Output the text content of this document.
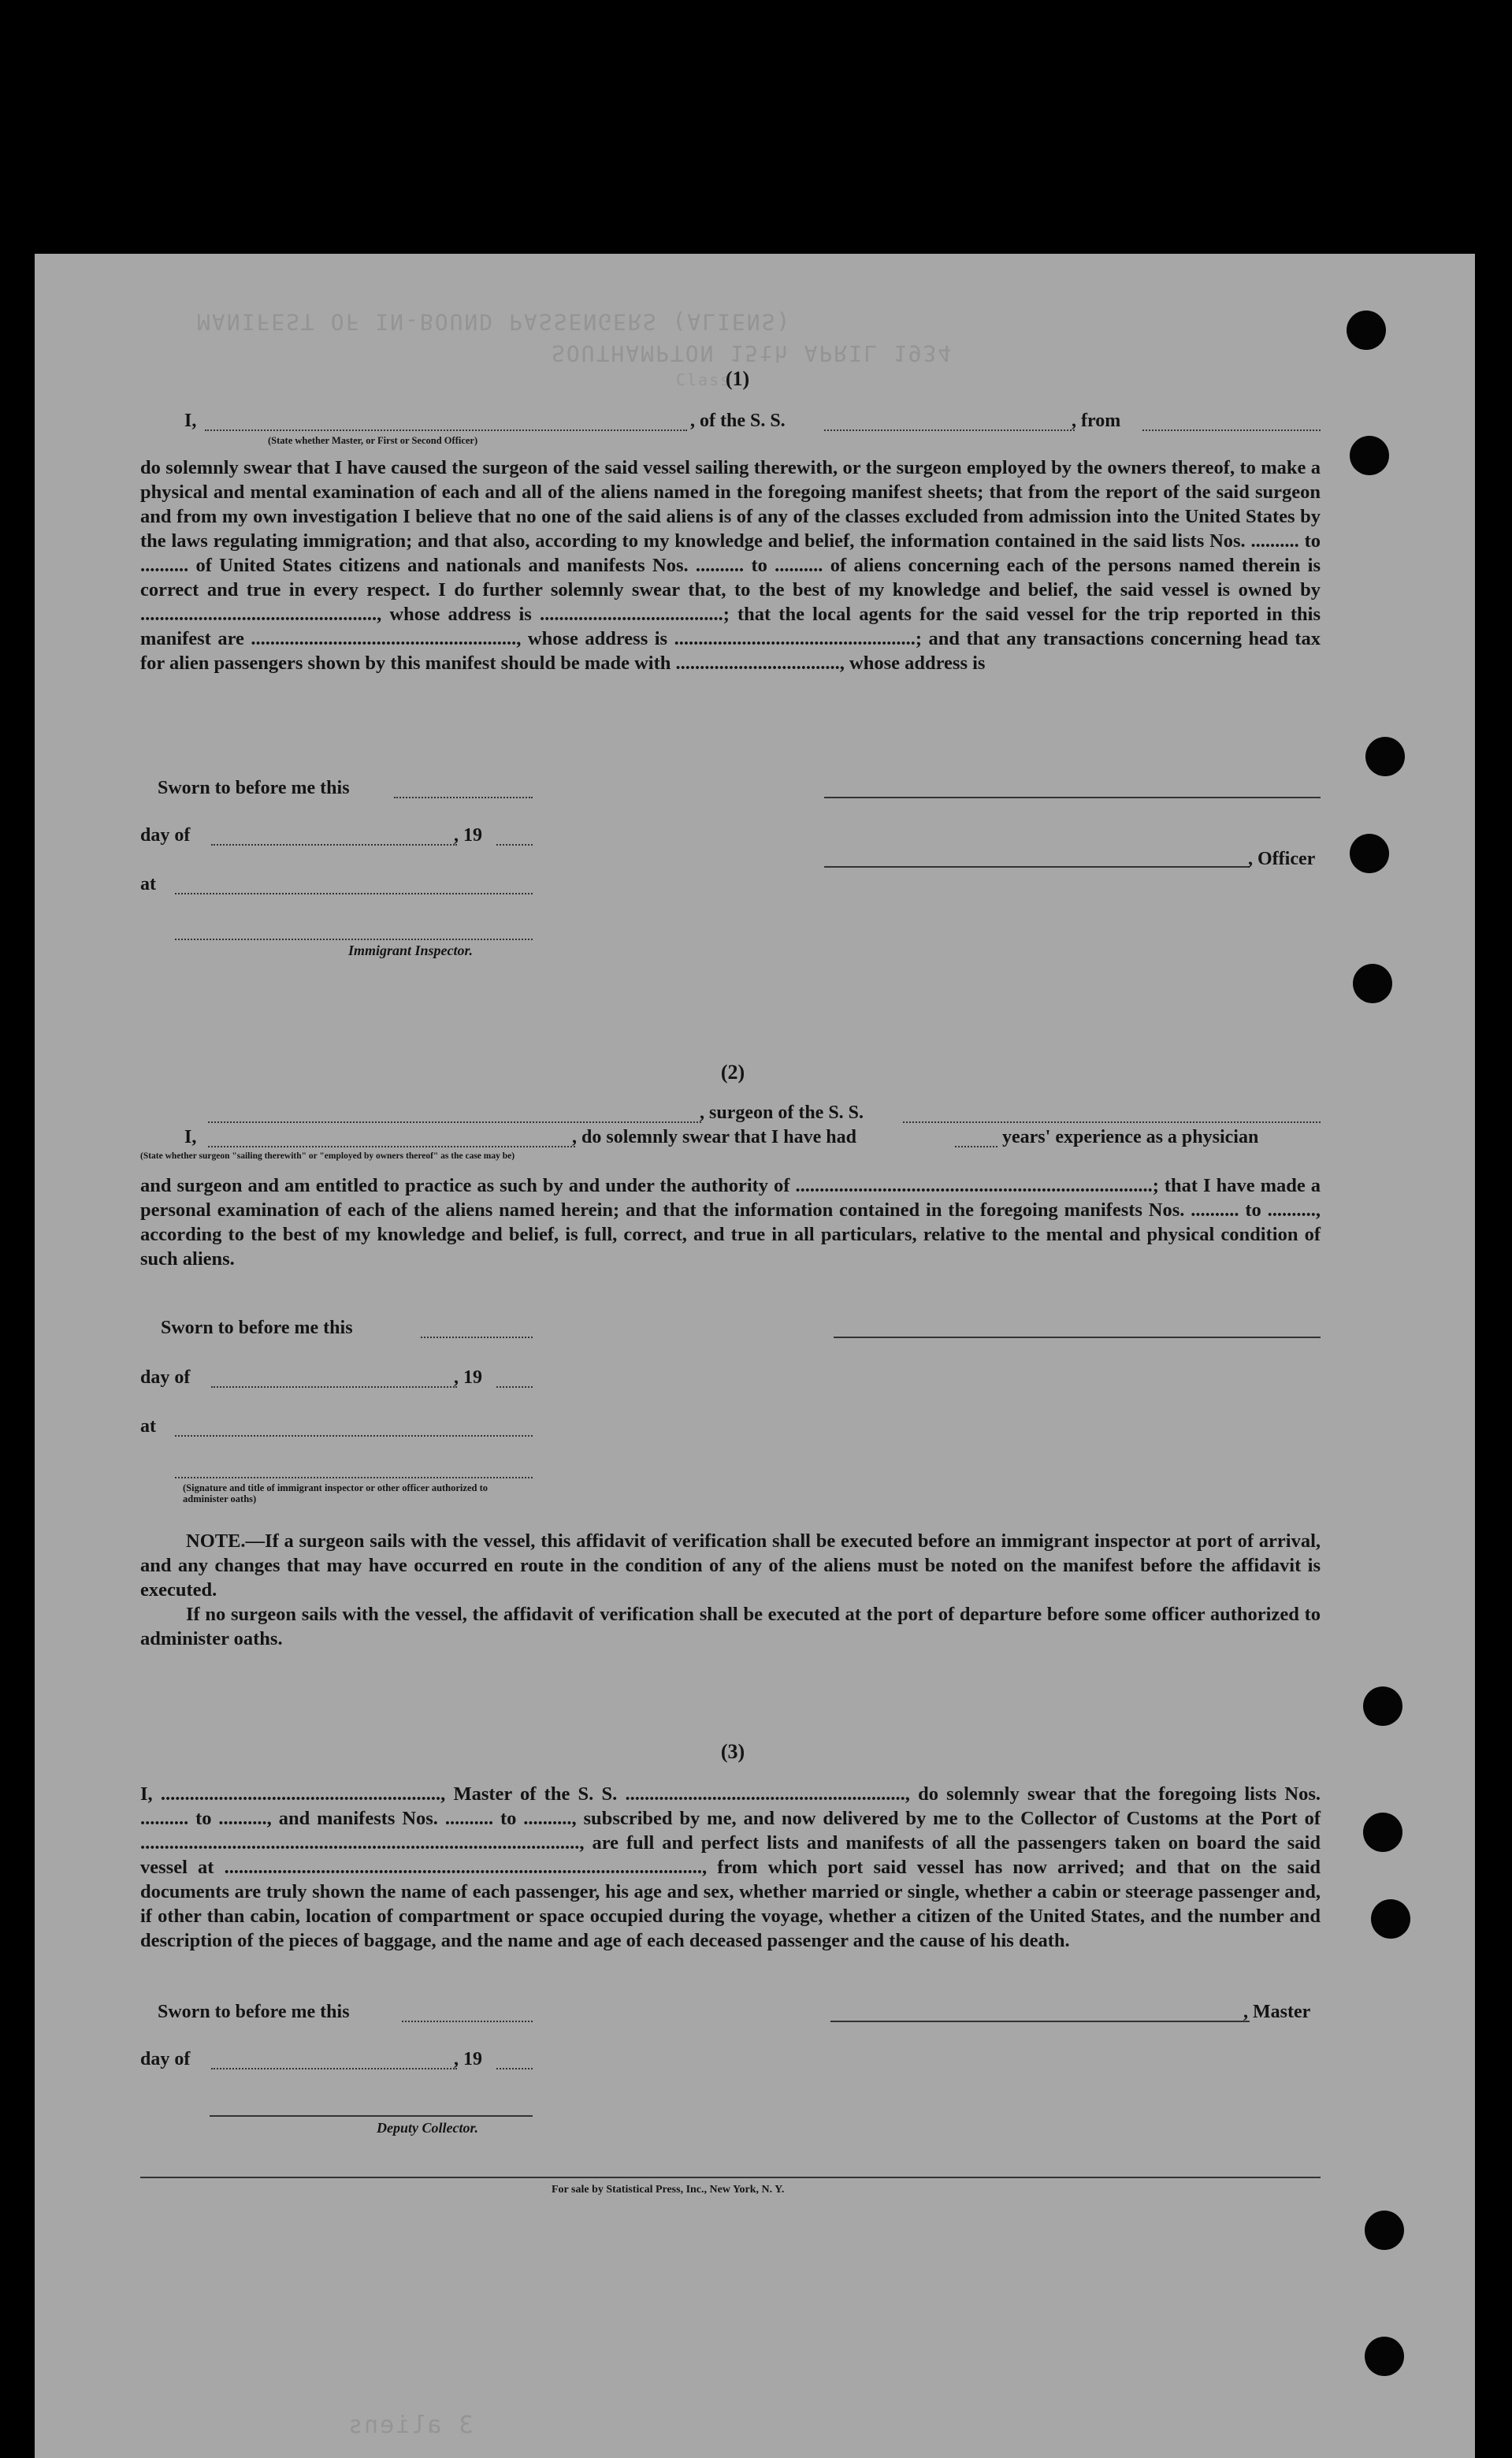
MANIFEST OF IN-BOUND PASSENGERS (ALIENS)
SOUTHAMPTON 15th APRIL 1934
Class
(1)
I,
(State whether Master, or First or Second Officer)
, of the S. S.	, from

do solemnly swear that I have caused the surgeon of the said vessel sailing therewith, or the surgeon employed by the owners thereof, to make a physical and mental examination of each and all of the aliens named in the foregoing manifest sheets; that from the report of the said surgeon and from my own investigation I believe that no one of the said aliens is of any of the classes excluded from admission into the United States by the laws regulating immigration; and that also, according to my knowledge and belief, the information contained in the said lists Nos. .......... to .......... of United States citizens and nationals and manifests Nos. .......... to .......... of aliens concerning each of the persons named therein is correct and true in every respect. I do further solemnly swear that, to the best of my knowledge and belief, the said vessel is owned by ................................................., whose address is ......................................; that the local agents for the said vessel for the trip reported in this manifest are ......................................................., whose address is ..................................................; and that any transactions concerning head tax for alien passengers shown by this manifest should be made with .................................., whose address is

Sworn to before me this
day of	, 19
, Officer
at
Immigrant Inspector.
(2)
, surgeon of the S. S.
I,	, do solemnly swear that I have had	years' experience as a physician
(State whether surgeon "sailing therewith" or "employed by owners thereof" as the case may be)

and surgeon and am entitled to practice as such by and under the authority of ..........................................................................; that I have made a personal examination of each of the aliens named herein; and that the information contained in the foregoing manifests Nos. .......... to .........., according to the best of my knowledge and belief, is full, correct, and true in all particulars, relative to the mental and physical condition of such aliens.

Sworn to before me this
day of	, 19
at
(Signature and title of immigrant inspector or other officer authorized to administer oaths)

NOTE.—If a surgeon sails with the vessel, this affidavit of verification shall be executed before an immigrant inspector at port of arrival, and any changes that may have occurred en route in the condition of any of the aliens must be noted on the manifest before the affidavit is executed.

If no surgeon sails with the vessel, the affidavit of verification shall be executed at the port of departure before some officer authorized to administer oaths.

(3)

I, .........................................................., Master of the S. S. .........................................................., do solemnly swear that the foregoing lists Nos. .......... to .........., and manifests Nos. .......... to .........., subscribed by me, and now delivered by me to the Collector of Customs at the Port of ..........................................................................................., are full and perfect lists and manifests of all the passengers taken on board the said vessel at ..................................................................................................., from which port said vessel has now arrived; and that on the said documents are truly shown the name of each passenger, his age and sex, whether married or single, whether a cabin or steerage passenger and, if other than cabin, location of compartment or space occupied during the voyage, whether a citizen of the United States, and the number and description of the pieces of baggage, and the name and age of each deceased passenger and the cause of his death.

Sworn to before me this	, Master
day of	, 19
Deputy Collector.
For sale by Statistical Press, Inc., New York, N. Y.
3 aliens
